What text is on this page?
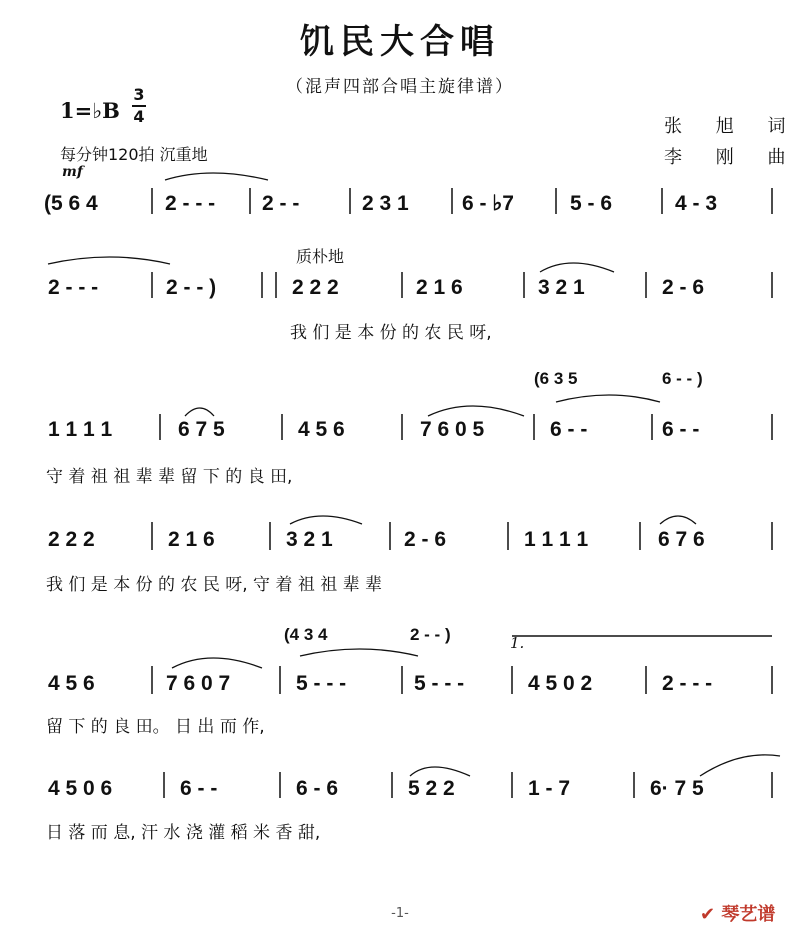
饥民大合唱
（混声四部合唱主旋律谱）
1=♭B
3
4
每分钟120拍 沉重地
张 旭 词
李 刚 曲
mf
质朴地
(5 6 4	2 - - - 2 - -	2 3 1	6 - ♭7	5 - 6	4 - 3
2 - - -	2 - - )	2 2 2	2 1 6	3 2 1	2 - 6
(6 3 5	6 - - )
1 1 1 1	6 7 5	4 5 6	7 6 0 5	6 - -	6 - -
2 2 2	2 1 6	3 2 1	2 - 6	1 1 1 1	6 7 6
(4 3 4	2 - - )
4 5 6	7 6 0 7	5 - - -	5 - - -	4 5 0 2	2 - - -
4 5 0 6	6 - -	6 - 6	5 2 2	1 - 7	6· 7 5
1.
我 们 是 本 份 的 农 民 呀,
守 着 祖 祖 辈 辈 留 下 的 良 田,
我 们 是 本 份 的 农 民 呀, 守 着 祖 祖 辈 辈
留 下 的 良 田。 日 出 而 作,
日 落 而 息, 汗 水 浇 灌 稻 米 香 甜,
-1-	✔ 琴艺谱
